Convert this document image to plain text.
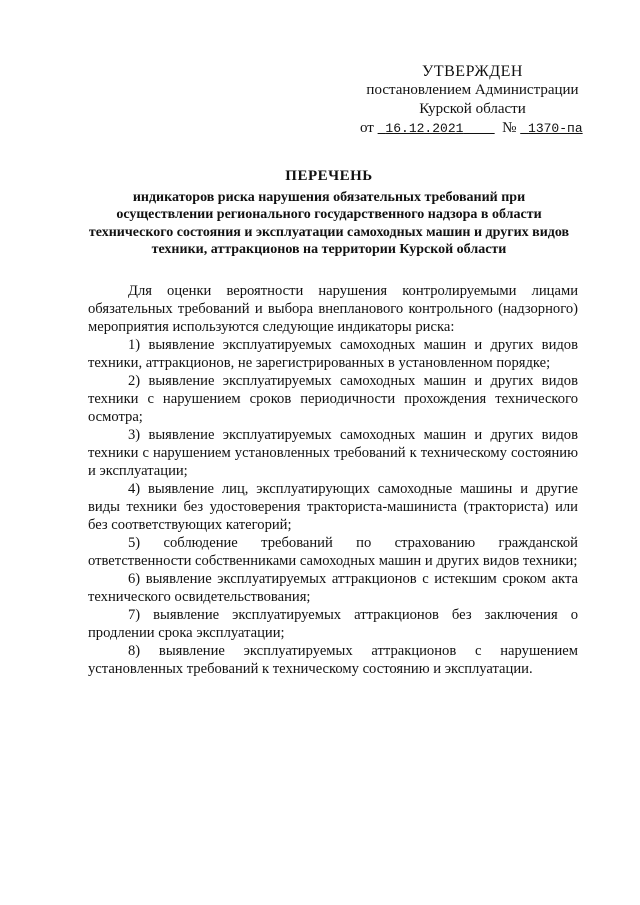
УТВЕРЖДЕН
постановлением Администрации
Курской области
от 16.12.2021	№ 1370-па
ПЕРЕЧЕНЬ
индикаторов риска нарушения обязательных требований при осуществлении регионального государственного надзора в области технического состояния и эксплуатации самоходных машин и других видов техники, аттракционов на территории Курской области

Для оценки вероятности нарушения контролируемыми лицами обязательных требований и выбора внепланового контрольного (надзорного) мероприятия используются следующие индикаторы риска:

1) выявление эксплуатируемых самоходных машин и других видов техники, аттракционов, не зарегистрированных в установленном порядке;

2) выявление эксплуатируемых самоходных машин и других видов техники с нарушением сроков периодичности прохождения технического осмотра;

3) выявление эксплуатируемых самоходных машин и других видов техники с нарушением установленных требований к техническому состоянию и эксплуатации;

4) выявление лиц, эксплуатирующих самоходные машины и другие виды техники без удостоверения тракториста-машиниста (тракториста) или без соответствующих категорий;

5) соблюдение требований по страхованию гражданской ответственности собственниками самоходных машин и других видов техники;

6) выявление эксплуатируемых аттракционов с истекшим сроком акта технического освидетельствования;

7) выявление эксплуатируемых аттракционов без заключения о продлении срока эксплуатации;

8) выявление эксплуатируемых аттракционов с нарушением установленных требований к техническому состоянию и эксплуатации.
